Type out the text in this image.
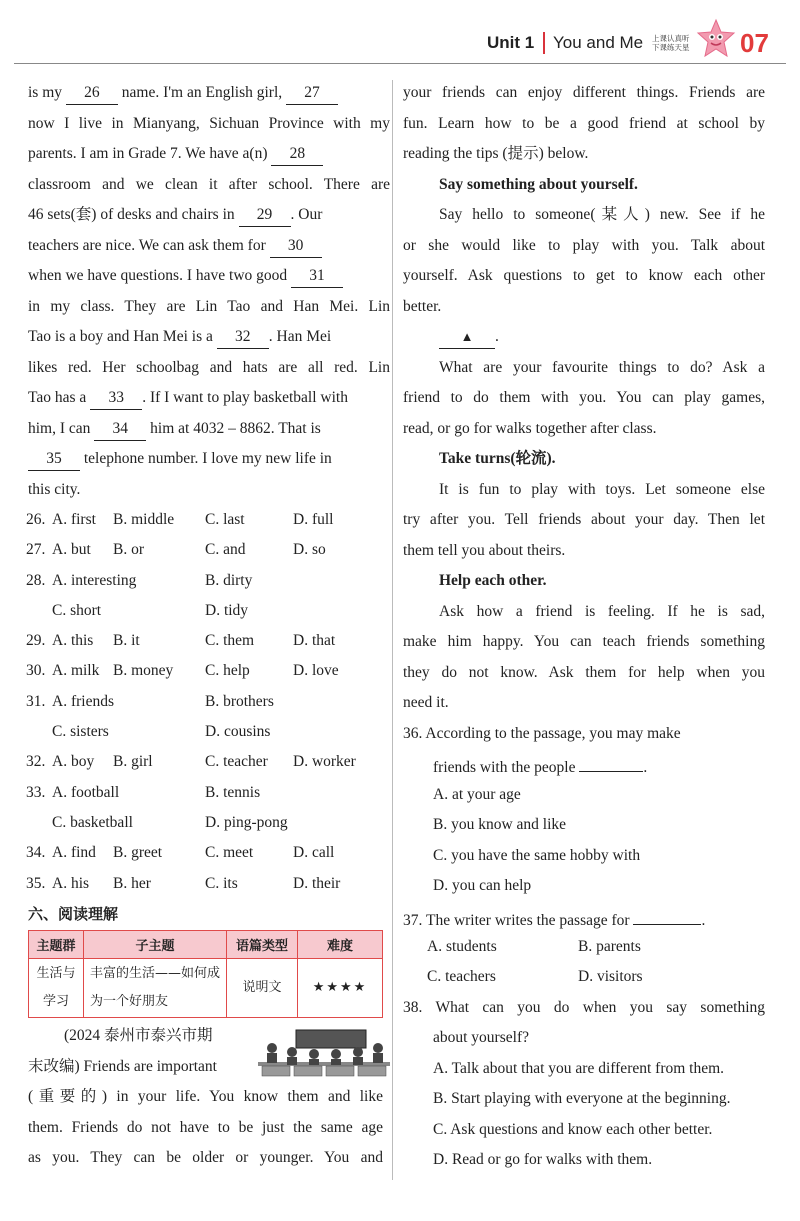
Unit 1 You and Me 上课认真听
下课练天星 07
is my 26 name. I'm an English girl, 27
now I live in Mianyang, Sichuan Province with my
parents. I am in Grade 7. We have a(n) 28
classroom and we clean it after school. There are
46 sets(套) of desks and chairs in 29 . Our
teachers are nice. We can ask them for 30
when we have questions. I have two good 31
in my class. They are Lin Tao and Han Mei. Lin
Tao is a boy and Han Mei is a 32 . Han Mei
likes red. Her schoolbag and hats are all red. Lin
Tao has a 33 . If I want to play basketball with
him, I can 34 him at 4032 – 8862. That is
35 telephone number. I love my new life in
this city.
26. A. first B. middle C. last	D. full
27. A. but B. or	C. and	D. so
28. A. interesting	B. dirty
C. short	D. tidy
29. A. this B. it	C. them	D. that
30. A. milk B. money C. help	D. love
31. A. friends	B. brothers
C. sisters	D. cousins
32. A. boy B. girl	C. teacher D. worker
33. A. football	B. tennis
C. basketball	D. ping-pong
34. A. find B. greet	C. meet	D. call
35. A. his B. her	C. its	D. their
六、阅读理解
主题群	子主题	语篇类型	难度
生活与学习	丰富的生活——如何成为一个好朋友	说明文	★★★★
(2024 泰州市泰兴市期
末改编) Friends are important
(重要的) in your life. You know them and like
them. Friends do not have to be just the same age
as you. They can be older or younger. You and
your friends can enjoy different things. Friends are
fun. Learn how to be a good friend at school by
reading the tips (提示) below.
Say something about yourself.
Say hello to someone(某人) new. See if he
or she would like to play with you. Talk about
yourself. Ask questions to get to know each other
better.
▲ .
What are your favourite things to do? Ask a
friend to do them with you. You can play games,
read, or go for walks together after class.
Take turns(轮流).
It is fun to play with toys. Let someone else
try after you. Tell friends about your day. Then let
them tell you about theirs.
Help each other.
Ask how a friend is feeling. If he is sad,
make him happy. You can teach friends something
they do not know. Ask them for help when you
need it.
36. According to the passage, you may make
friends with the people	.
A. at your age
B. you know and like
C. you have the same hobby with
D. you can help
37. The writer writes the passage for	.
A. students	B. parents
C. teachers	D. visitors
38. What can you do when you say something
about yourself?
A. Talk about that you are different from them.
B. Start playing with everyone at the beginning.
C. Ask questions and know each other better.
D. Read or go for walks with them.
